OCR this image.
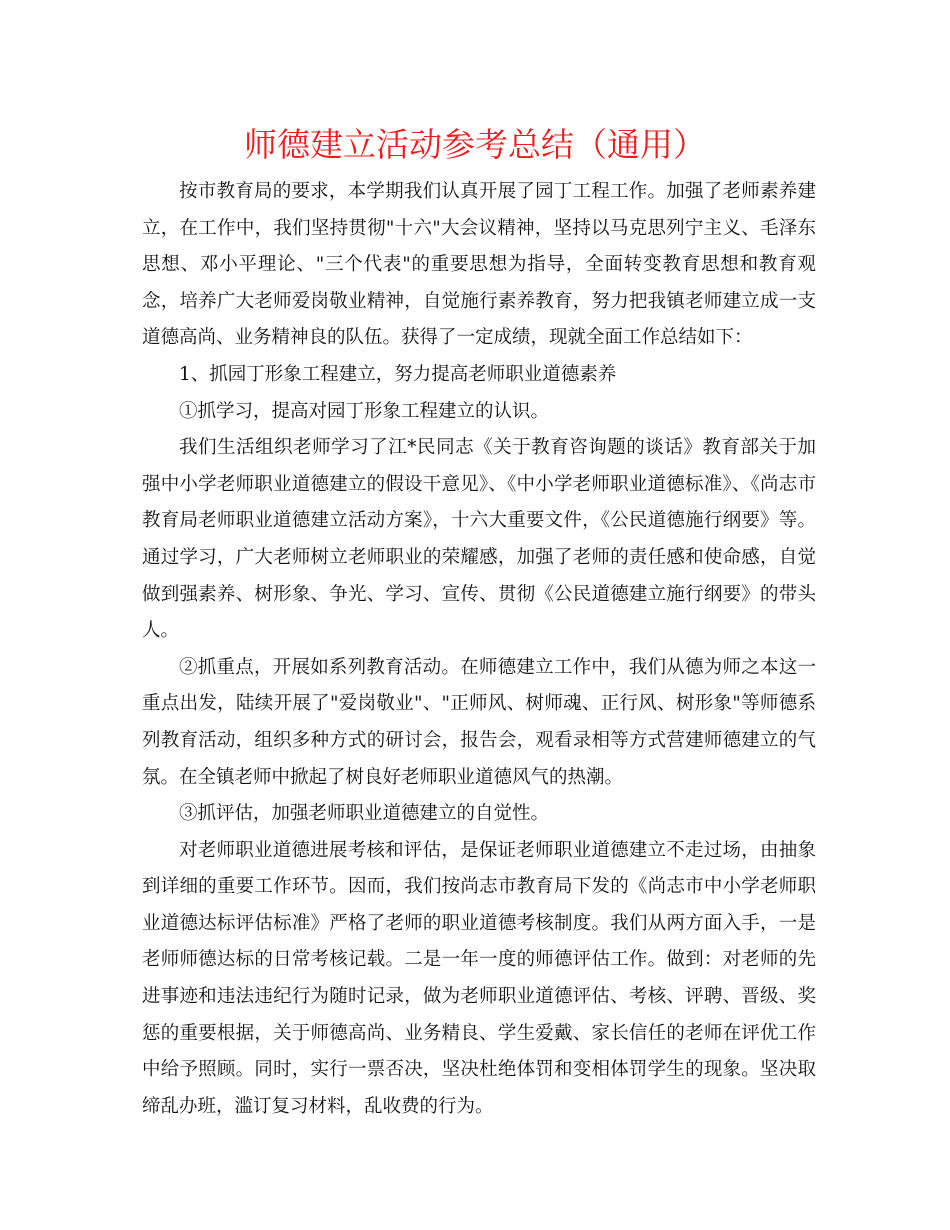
师德建立活动参考总结（通用）

按市教育局的要求，本学期我们认真开展了园丁工程工作。加强了老师素养建立，在工作中，我们坚持贯彻"十六"大会议精神，坚持以马克思列宁主义、毛泽东思想、邓小平理论、"三个代表"的重要思想为指导，全面转变教育思想和教育观念，培养广大老师爱岗敬业精神，自觉施行素养教育，努力把我镇老师建立成一支道德高尚、业务精神良的队伍。获得了一定成绩，现就全面工作总结如下：

1、抓园丁形象工程建立，努力提高老师职业道德素养

①抓学习，提高对园丁形象工程建立的认识。

我们生活组织老师学习了江*民同志《关于教育咨询题的谈话》教育部关于加强中小学老师职业道德建立的假设干意见》、《中小学老师职业道德标准》、《尚志市教育局老师职业道德建立活动方案》，十六大重要文件，《公民道德施行纲要》等。通过学习，广大老师树立老师职业的荣耀感，加强了老师的责任感和使命感，自觉做到强素养、树形象、争光、学习、宣传、贯彻《公民道德建立施行纲要》的带头人。

②抓重点，开展如系列教育活动。在师德建立工作中，我们从德为师之本这一重点出发，陆续开展了"爱岗敬业"、"正师风、树师魂、正行风、树形象"等师德系列教育活动，组织多种方式的研讨会，报告会，观看录相等方式营建师德建立的气氛。在全镇老师中掀起了树良好老师职业道德风气的热潮。

③抓评估，加强老师职业道德建立的自觉性。

对老师职业道德进展考核和评估，是保证老师职业道德建立不走过场，由抽象到详细的重要工作环节。因而，我们按尚志市教育局下发的《尚志市中小学老师职业道德达标评估标准》严格了老师的职业道德考核制度。我们从两方面入手，一是老师师德达标的日常考核记载。二是一年一度的师德评估工作。做到：对老师的先进事迹和违法违纪行为随时记录，做为老师职业道德评估、考核、评聘、晋级、奖惩的重要根据，关于师德高尚、业务精良、学生爱戴、家长信任的老师在评优工作中给予照顾。同时，实行一票否决，坚决杜绝体罚和变相体罚学生的现象。坚决取缔乱办班，滥订复习材料，乱收费的行为。
